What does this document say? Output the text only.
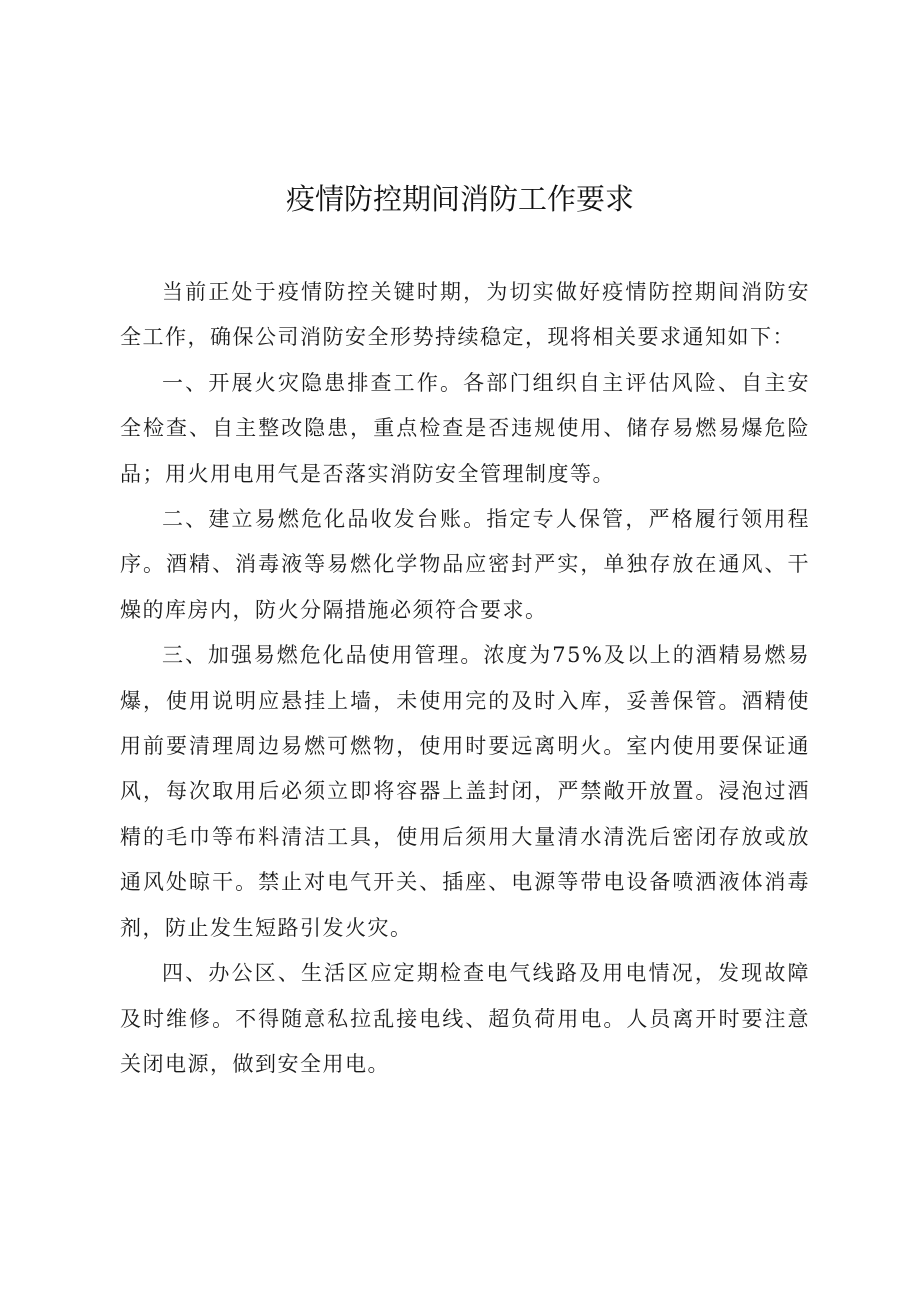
疫情防控期间消防工作要求

当前正处于疫情防控关键时期，为切实做好疫情防控期间消防安全工作，确保公司消防安全形势持续稳定，现将相关要求通知如下：

一、开展火灾隐患排查工作。各部门组织自主评估风险、自主安全检查、自主整改隐患，重点检查是否违规使用、储存易燃易爆危险品；用火用电用气是否落实消防安全管理制度等。

二、建立易燃危化品收发台账。指定专人保管，严格履行领用程序。酒精、消毒液等易燃化学物品应密封严实，单独存放在通风、干燥的库房内，防火分隔措施必须符合要求。

三、加强易燃危化品使用管理。浓度为75%及以上的酒精易燃易爆，使用说明应悬挂上墙，未使用完的及时入库，妥善保管。酒精使用前要清理周边易燃可燃物，使用时要远离明火。室内使用要保证通风，每次取用后必须立即将容器上盖封闭，严禁敞开放置。浸泡过酒精的毛巾等布料清洁工具，使用后须用大量清水清洗后密闭存放或放通风处晾干。禁止对电气开关、插座、电源等带电设备喷洒液体消毒剂，防止发生短路引发火灾。

四、办公区、生活区应定期检查电气线路及用电情况，发现故障及时维修。不得随意私拉乱接电线、超负荷用电。人员离开时要注意关闭电源，做到安全用电。
